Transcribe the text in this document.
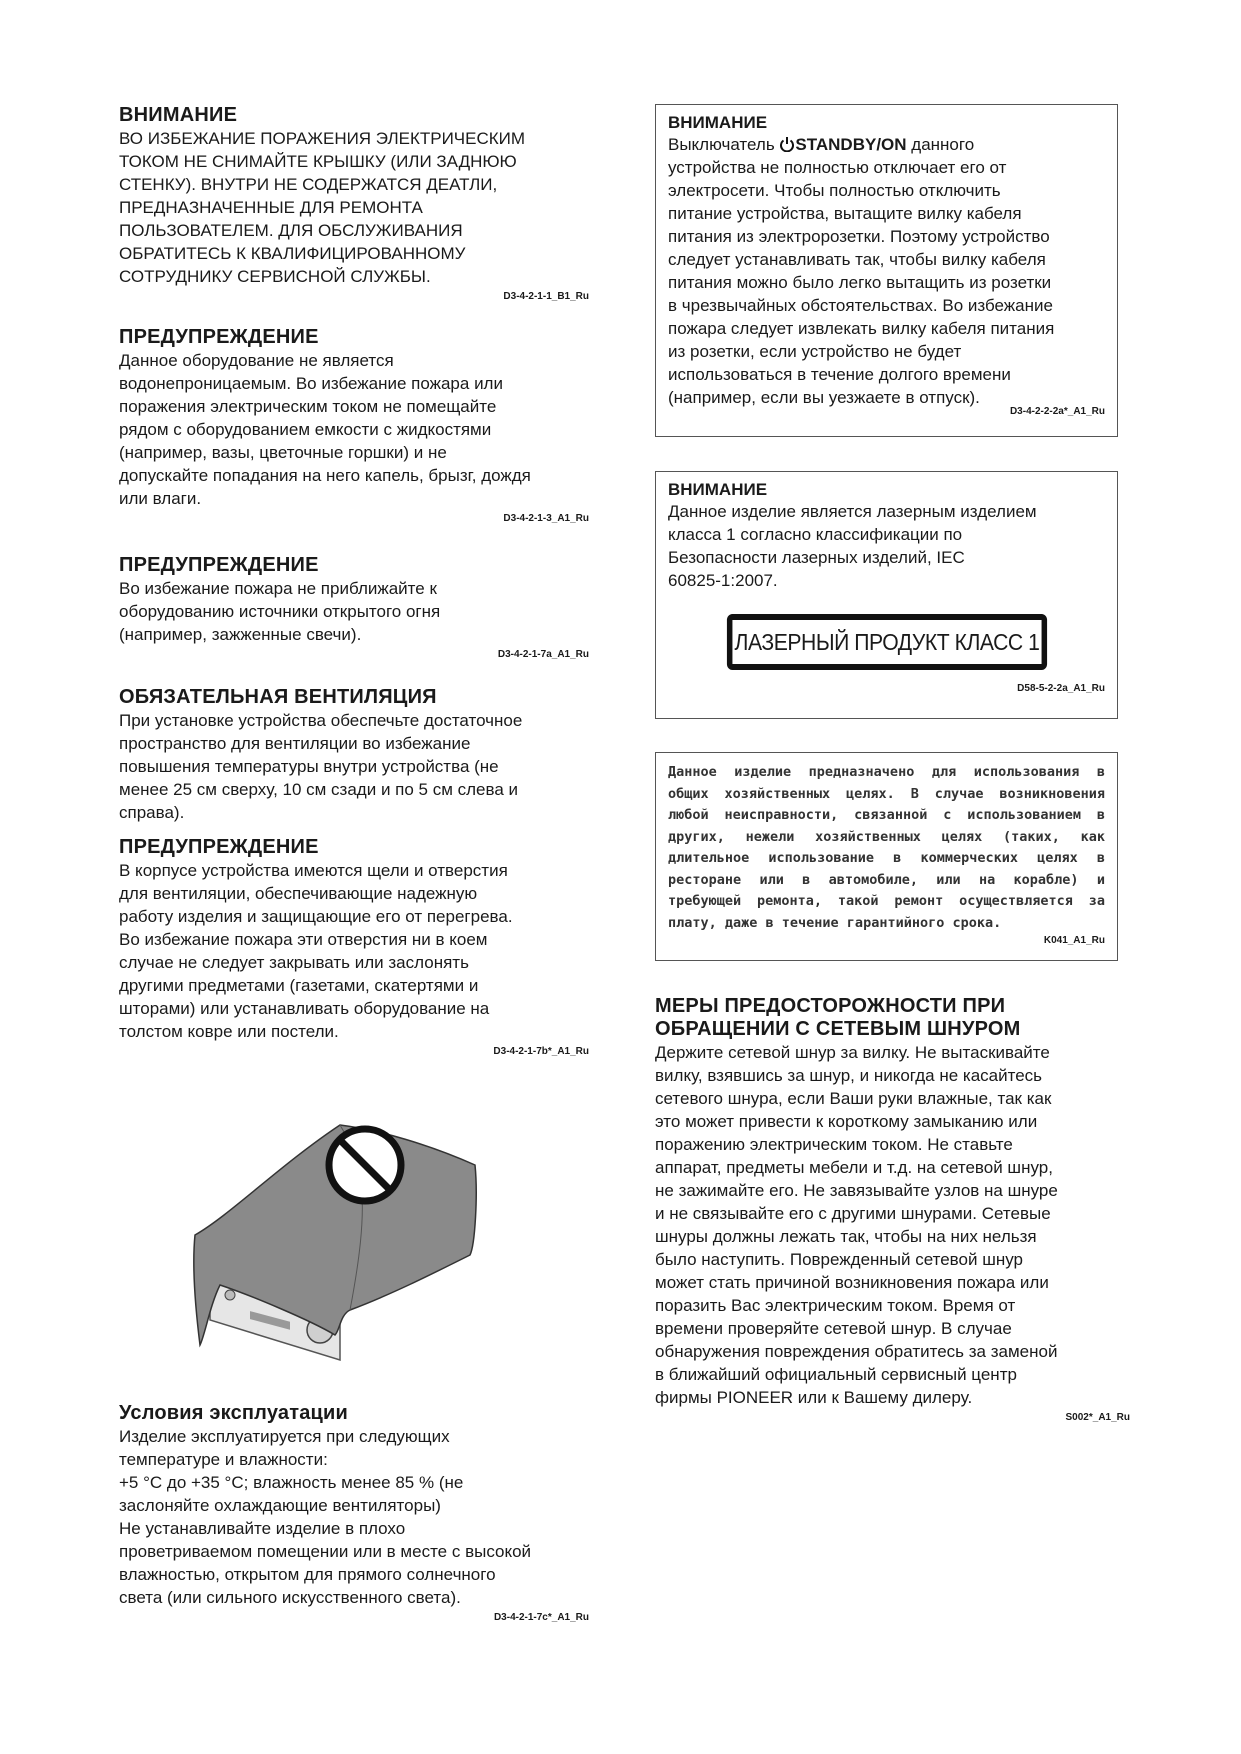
ВНИМАНИЕ

ВО ИЗБЕЖАНИЕ ПОРАЖЕНИЯ ЭЛЕКТРИЧЕСКИМ
ТОКОМ НЕ СНИМАЙТЕ КРЫШКУ (ИЛИ ЗАДНЮЮ
СТЕНКУ). ВНУТРИ НЕ СОДЕРЖАТСЯ ДЕАТЛИ,
ПРЕДНАЗНАЧЕННЫЕ ДЛЯ РЕМОНТА
ПОЛЬЗОВАТЕЛЕМ. ДЛЯ ОБСЛУЖИВАНИЯ
ОБРАТИТЕСЬ К КВАЛИФИЦИРОВАННОМУ
СОТРУДНИКУ СЕРВИСНОЙ СЛУЖБЫ.

D3-4-2-1-1_B1_Ru
ПРЕДУПРЕЖДЕНИЕ

Данное оборудование не является
водонепроницаемым. Во избежание пожара или
поражения электрическим током не помещайте
рядом с оборудованием емкости с жидкостями
(например, вазы, цветочные горшки) и не
допускайте попадания на него капель, брызг, дождя
или влаги.

D3-4-2-1-3_A1_Ru
ПРЕДУПРЕЖДЕНИЕ

Во избежание пожара не приближайте к
оборудованию источники открытого огня
(например, зажженные свечи).

D3-4-2-1-7a_A1_Ru
ОБЯЗАТЕЛЬНАЯ ВЕНТИЛЯЦИЯ

При установке устройства обеспечьте достаточное
пространство для вентиляции во избежание
повышения температуры внутри устройства (не
менее 25 см сверху, 10 см сзади и по 5 см слева и
справа).

ПРЕДУПРЕЖДЕНИЕ

В корпусе устройства имеются щели и отверстия
для вентиляции, обеспечивающие надежную
работу изделия и защищающие его от перегрева.
Во избежание пожара эти отверстия ни в коем
случае не следует закрывать или заслонять
другими предметами (газетами, скатертями и
шторами) или устанавливать оборудование на
толстом ковре или постели.

D3-4-2-1-7b*_A1_Ru
Условия эксплуатации

Изделие эксплуатируется при следующих
температуре и влажности:
+5 °C до +35 °C; влажность менее 85 % (не
заслоняйте охлаждающие вентиляторы)
Не устанавливайте изделие в плохо
проветриваемом помещении или в месте с высокой
влажностью, открытом для прямого солнечного
света (или сильного искусственного света).

D3-4-2-1-7c*_A1_Ru
ВНИМАНИЕ

Выключатель STANDBY/ON данного

устройства не полностью отключает его от
электросети. Чтобы полностью отключить
питание устройства, вытащите вилку кабеля
питания из электророзетки. Поэтому устройство
следует устанавливать так, чтобы вилку кабеля
питания можно было легко вытащить из розетки
в чрезвычайных обстоятельствах. Во избежание
пожара следует извлекать вилку кабеля питания
из розетки, если устройство не будет
использоваться в течение долгого времени
(например, если вы уезжаете в отпуск).

D3-4-2-2-2a*_A1_Ru
ВНИМАНИЕ

Данное изделие является лазерным изделием
класса 1 согласно классификации по
Безопасности лазерных изделий, IEC
60825-1:2007.

ЛАЗЕРНЫЙ ПРОДУКТ КЛАСС 1
D58-5-2-2a_A1_Ru

Данное изделие предназначено для использования в общих хозяйственных целях. В случае возникновения любой неисправности, связанной с использованием в других, нежели хозяйственных целях (таких, как длительное использование в коммерческих целях в ресторане или в автомобиле, или на корабле) и требующей ремонта, такой ремонт осуществляется за плату, даже в течение гарантийного срока.

K041_A1_Ru
МЕРЫ ПРЕДОСТОРОЖНОСТИ ПРИ
ОБРАЩЕНИИ С СЕТЕВЫМ ШНУРОМ

Держите сетевой шнур за вилку. Не вытаскивайте
вилку, взявшись за шнур, и никогда не касайтесь
сетевого шнура, если Ваши руки влажные, так как
это может привести к короткому замыканию или
поражению электрическим током. Не ставьте
аппарат, предметы мебели и т.д. на сетевой шнур,
не зажимайте его. Не завязывайте узлов на шнуре
и не связывайте его с другими шнурами. Сетевые
шнуры должны лежать так, чтобы на них нельзя
было наступить. Поврежденный сетевой шнур
может стать причиной возникновения пожара или
поразить Вас электрическим током. Время от
времени проверяйте сетевой шнур. В случае
обнаружения повреждения обратитесь за заменой
в ближайший официальный сервисный центр
фирмы PIONEER или к Вашему дилеру.

S002*_A1_Ru
